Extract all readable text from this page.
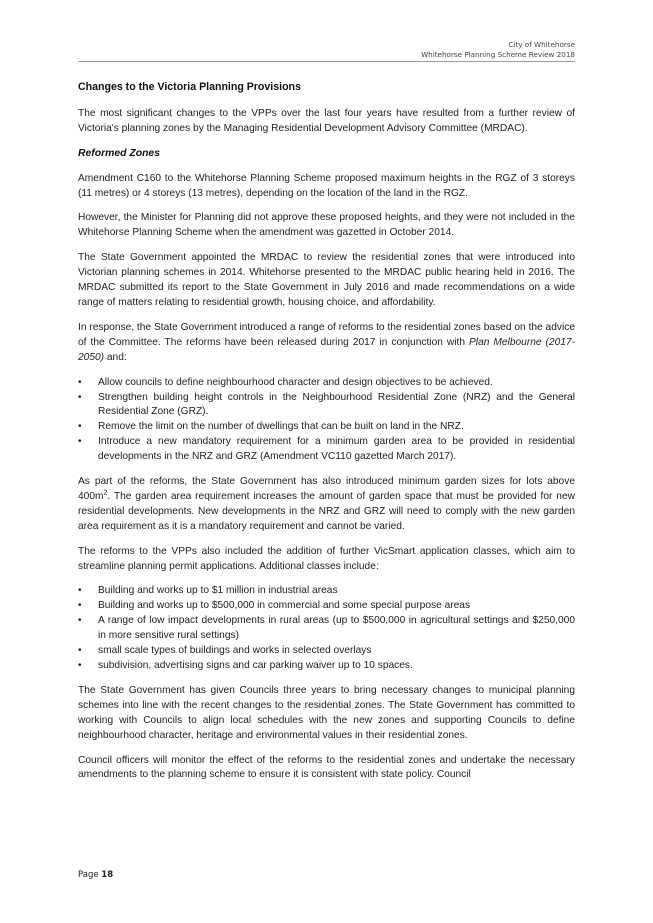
City of Whitehorse
Whitehorse Planning Scheme Review 2018
Changes to the Victoria Planning Provisions

The most significant changes to the VPPs over the last four years have resulted from a further review of Victoria's planning zones by the Managing Residential Development Advisory Committee (MRDAC).

Reformed Zones

Amendment C160 to the Whitehorse Planning Scheme proposed maximum heights in the RGZ of 3 storeys (11 metres) or 4 storeys (13 metres), depending on the location of the land in the RGZ.

However, the Minister for Planning did not approve these proposed heights, and they were not included in the Whitehorse Planning Scheme when the amendment was gazetted in October 2014.

The State Government appointed the MRDAC to review the residential zones that were introduced into Victorian planning schemes in 2014. Whitehorse presented to the MRDAC public hearing held in 2016. The MRDAC submitted its report to the State Government in July 2016 and made recommendations on a wide range of matters relating to residential growth, housing choice, and affordability.

In response, the State Government introduced a range of reforms to the residential zones based on the advice of the Committee. The reforms have been released during 2017 in conjunction with Plan Melbourne (2017-2050) and:

• Allow councils to define neighbourhood character and design objectives to be achieved.
• Strengthen building height controls in the Neighbourhood Residential Zone (NRZ) and the General Residential Zone (GRZ).
• Remove the limit on the number of dwellings that can be built on land in the NRZ.
• Introduce a new mandatory requirement for a minimum garden area to be provided in residential developments in the NRZ and GRZ (Amendment VC110 gazetted March 2017).

As part of the reforms, the State Government has also introduced minimum garden sizes for lots above $400m^2$. The garden area requirement increases the amount of garden space that must be provided for new residential developments. New developments in the NRZ and GRZ will need to comply with the new garden area requirement as it is a mandatory requirement and cannot be varied.

The reforms to the VPPs also included the addition of further VicSmart application classes, which aim to streamline planning permit applications. Additional classes include:

• Building and works up to $1 million in industrial areas
• Building and works up to $500,000 in commercial and some special purpose areas
• A range of low impact developments in rural areas (up to $500,000 in agricultural settings and $250,000 in more sensitive rural settings)
• small scale types of buildings and works in selected overlays
• subdivision, advertising signs and car parking waiver up to 10 spaces.

The State Government has given Councils three years to bring necessary changes to municipal planning schemes into line with the recent changes to the residential zones. The State Government has committed to working with Councils to align local schedules with the new zones and supporting Councils to define neighbourhood character, heritage and environmental values in their residential zones.

Council officers will monitor the effect of the reforms to the residential zones and undertake the necessary amendments to the planning scheme to ensure it is consistent with state policy. Council

Page 18
